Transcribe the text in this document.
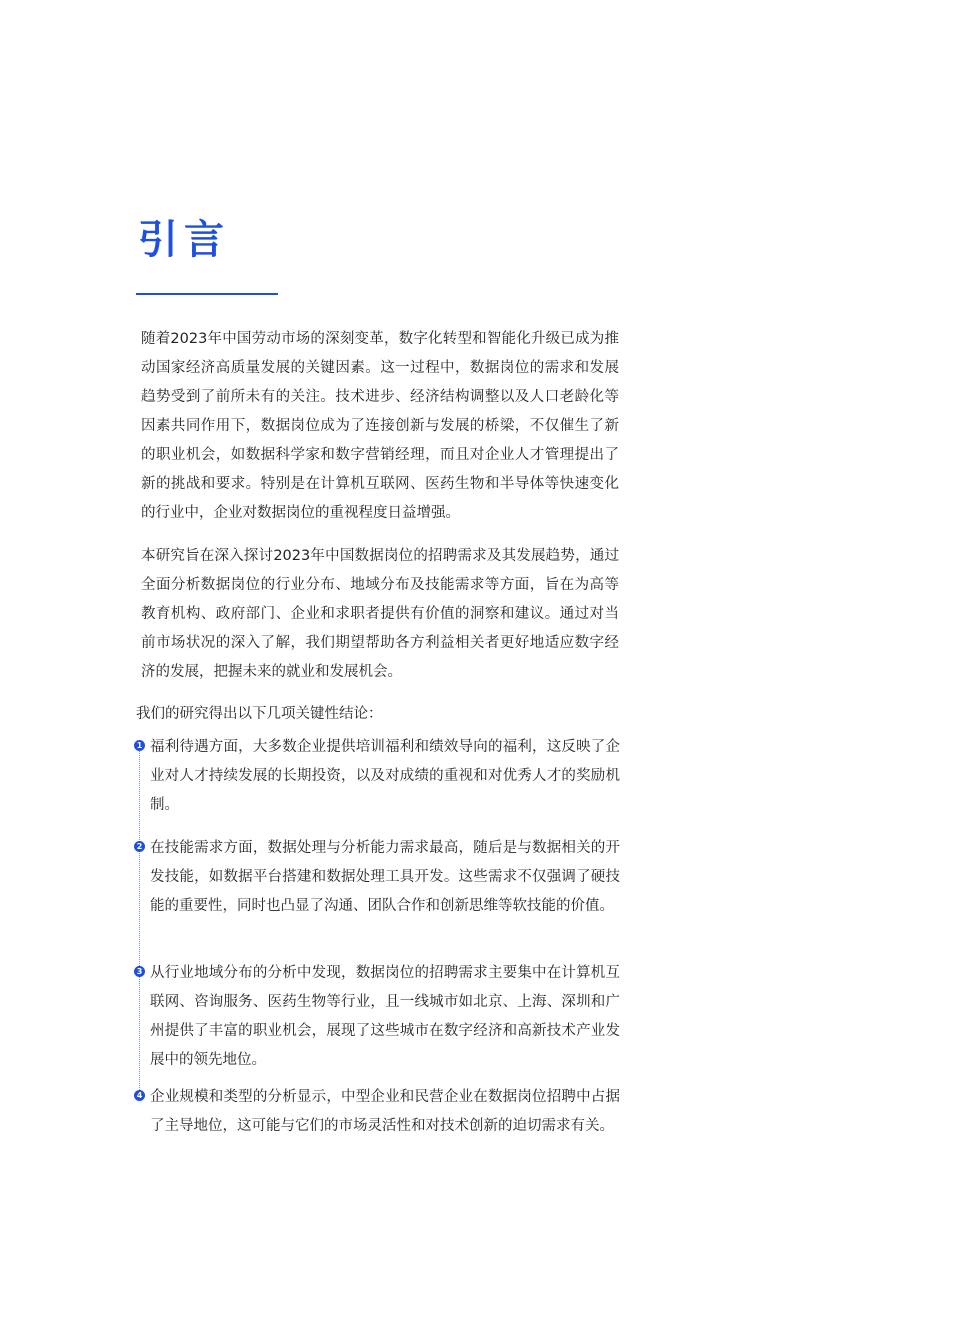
引言

随着2023年中国劳动市场的深刻变革，数字化转型和智能化升级已成为推动国家经济高质量发展的关键因素。这一过程中，数据岗位的需求和发展趋势受到了前所未有的关注。技术进步、经济结构调整以及人口老龄化等因素共同作用下，数据岗位成为了连接创新与发展的桥梁，不仅催生了新的职业机会，如数据科学家和数字营销经理，而且对企业人才管理提出了新的挑战和要求。特别是在计算机互联网、医药生物和半导体等快速变化的行业中，企业对数据岗位的重视程度日益增强。

本研究旨在深入探讨2023年中国数据岗位的招聘需求及其发展趋势，通过全面分析数据岗位的行业分布、地域分布及技能需求等方面，旨在为高等教育机构、政府部门、企业和求职者提供有价值的洞察和建议。通过对当前市场状况的深入了解，我们期望帮助各方利益相关者更好地适应数字经济的发展，把握未来的就业和发展机会。

我们的研究得出以下几项关键性结论：

1 福利待遇方面，大多数企业提供培训福利和绩效导向的福利，这反映了企业对人才持续发展的长期投资，以及对成绩的重视和对优秀人才的奖励机制。

2 在技能需求方面，数据处理与分析能力需求最高，随后是与数据相关的开发技能，如数据平台搭建和数据处理工具开发。这些需求不仅强调了硬技能的重要性，同时也凸显了沟通、团队合作和创新思维等软技能的价值。

3 从行业地域分布的分析中发现，数据岗位的招聘需求主要集中在计算机互联网、咨询服务、医药生物等行业，且一线城市如北京、上海、深圳和广州提供了丰富的职业机会，展现了这些城市在数字经济和高新技术产业发展中的领先地位。

4 企业规模和类型的分析显示，中型企业和民营企业在数据岗位招聘中占据了主导地位，这可能与它们的市场灵活性和对技术创新的迫切需求有关。
